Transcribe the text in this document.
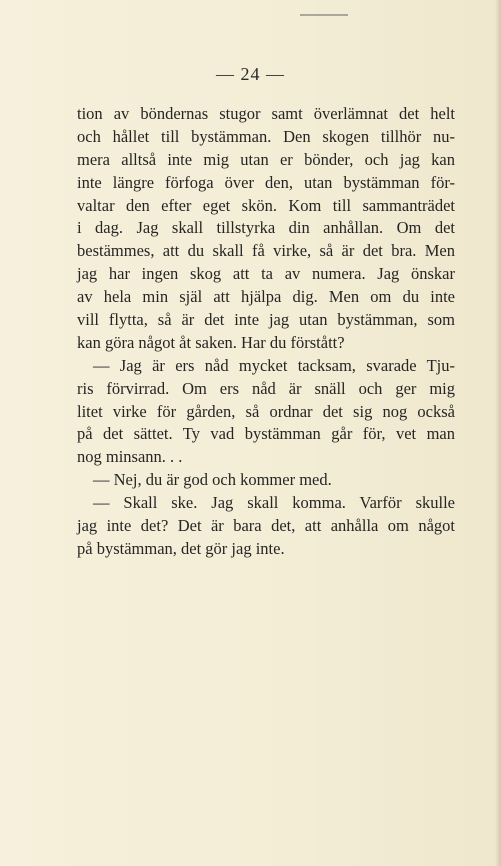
— 24 —
tion av böndernas stugor samt överlämnat det helt
och hållet till bystämman. Den skogen tillhör nu-
mera alltså inte mig utan er bönder, och jag kan
inte längre förfoga över den, utan bystämman för-
valtar den efter eget skön. Kom till sammanträdet
i dag. Jag skall tillstyrka din anhållan. Om det
bestämmes, att du skall få virke, så är det bra. Men
jag har ingen skog att ta av numera. Jag önskar
av hela min själ att hjälpa dig. Men om du inte
vill flytta, så är det inte jag utan bystämman, som
kan göra något åt saken. Har du förstått?
— Jag är ers nåd mycket tacksam, svarade Tju-
ris förvirrad. Om ers nåd är snäll och ger mig
litet virke för gården, så ordnar det sig nog också
på det sättet. Ty vad bystämman går för, vet man
nog minsann. . .
— Nej, du är god och kommer med.
— Skall ske. Jag skall komma. Varför skulle
jag inte det? Det är bara det, att anhålla om något
på bystämman, det gör jag inte.
